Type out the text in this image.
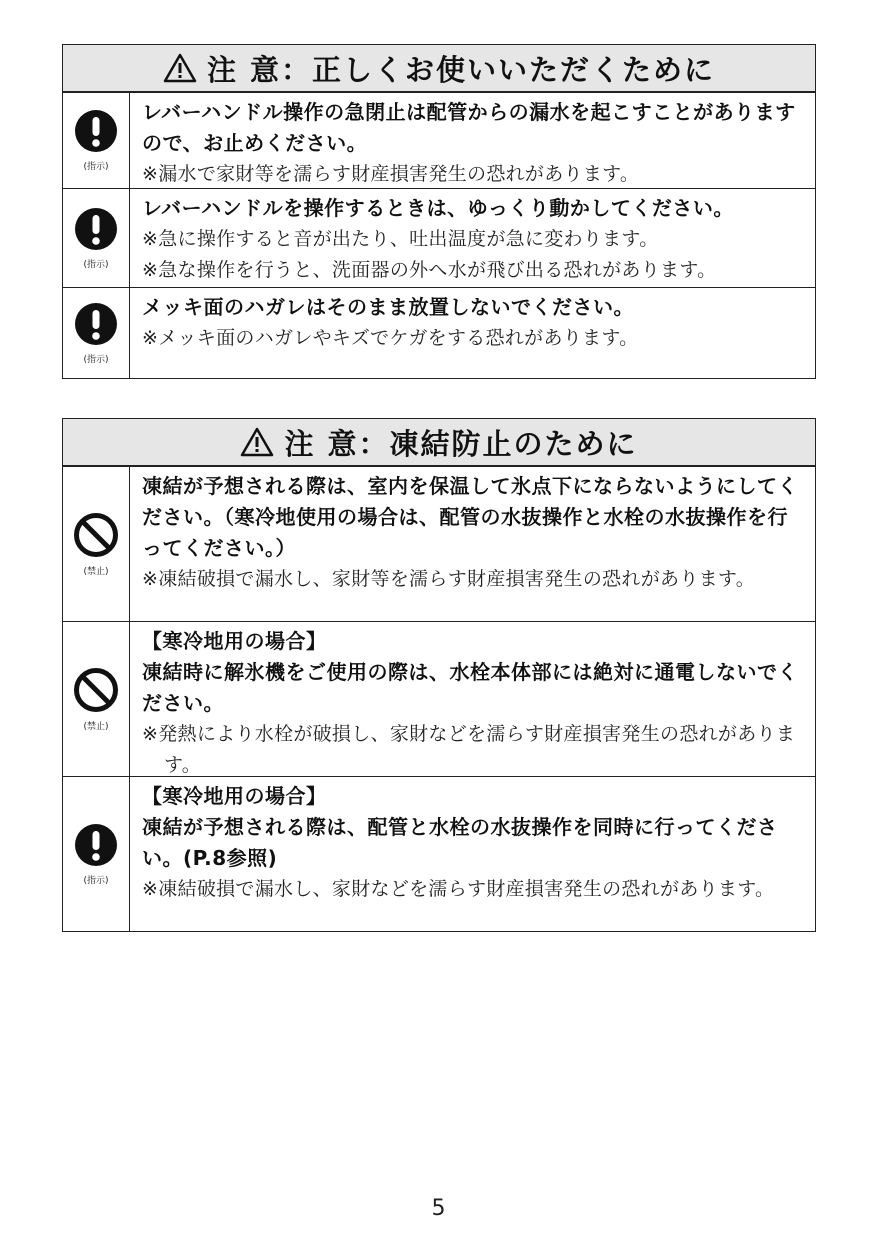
注 意：正しくお使いいただくために
(指示)
レバーハンドル操作の急閉止は配管からの漏水を起こすことがありますので、お止めください。
※漏水で家財等を濡らす財産損害発生の恐れがあります。
(指示)
レバーハンドルを操作するときは、ゆっくり動かしてください。
※急に操作すると音が出たり、吐出温度が急に変わります。
※急な操作を行うと、洗面器の外へ水が飛び出る恐れがあります。
(指示)
メッキ面のハガレはそのまま放置しないでください。
※メッキ面のハガレやキズでケガをする恐れがあります。
注 意：凍結防止のために
(禁止)
凍結が予想される際は、室内を保温して氷点下にならないようにしてください。（寒冷地使用の場合は、配管の水抜操作と水栓の水抜操作を行ってください。）
※凍結破損で漏水し、家財等を濡らす財産損害発生の恐れがあります。
(禁止)
【寒冷地用の場合】
凍結時に解氷機をご使用の際は、水栓本体部には絶対に通電しないでください。
※発熱により水栓が破損し、家財などを濡らす財産損害発生の恐れがあります。
(指示)
【寒冷地用の場合】
凍結が予想される際は、配管と水栓の水抜操作を同時に行ってください。(P.8参照)
※凍結破損で漏水し、家財などを濡らす財産損害発生の恐れがあります。
5
